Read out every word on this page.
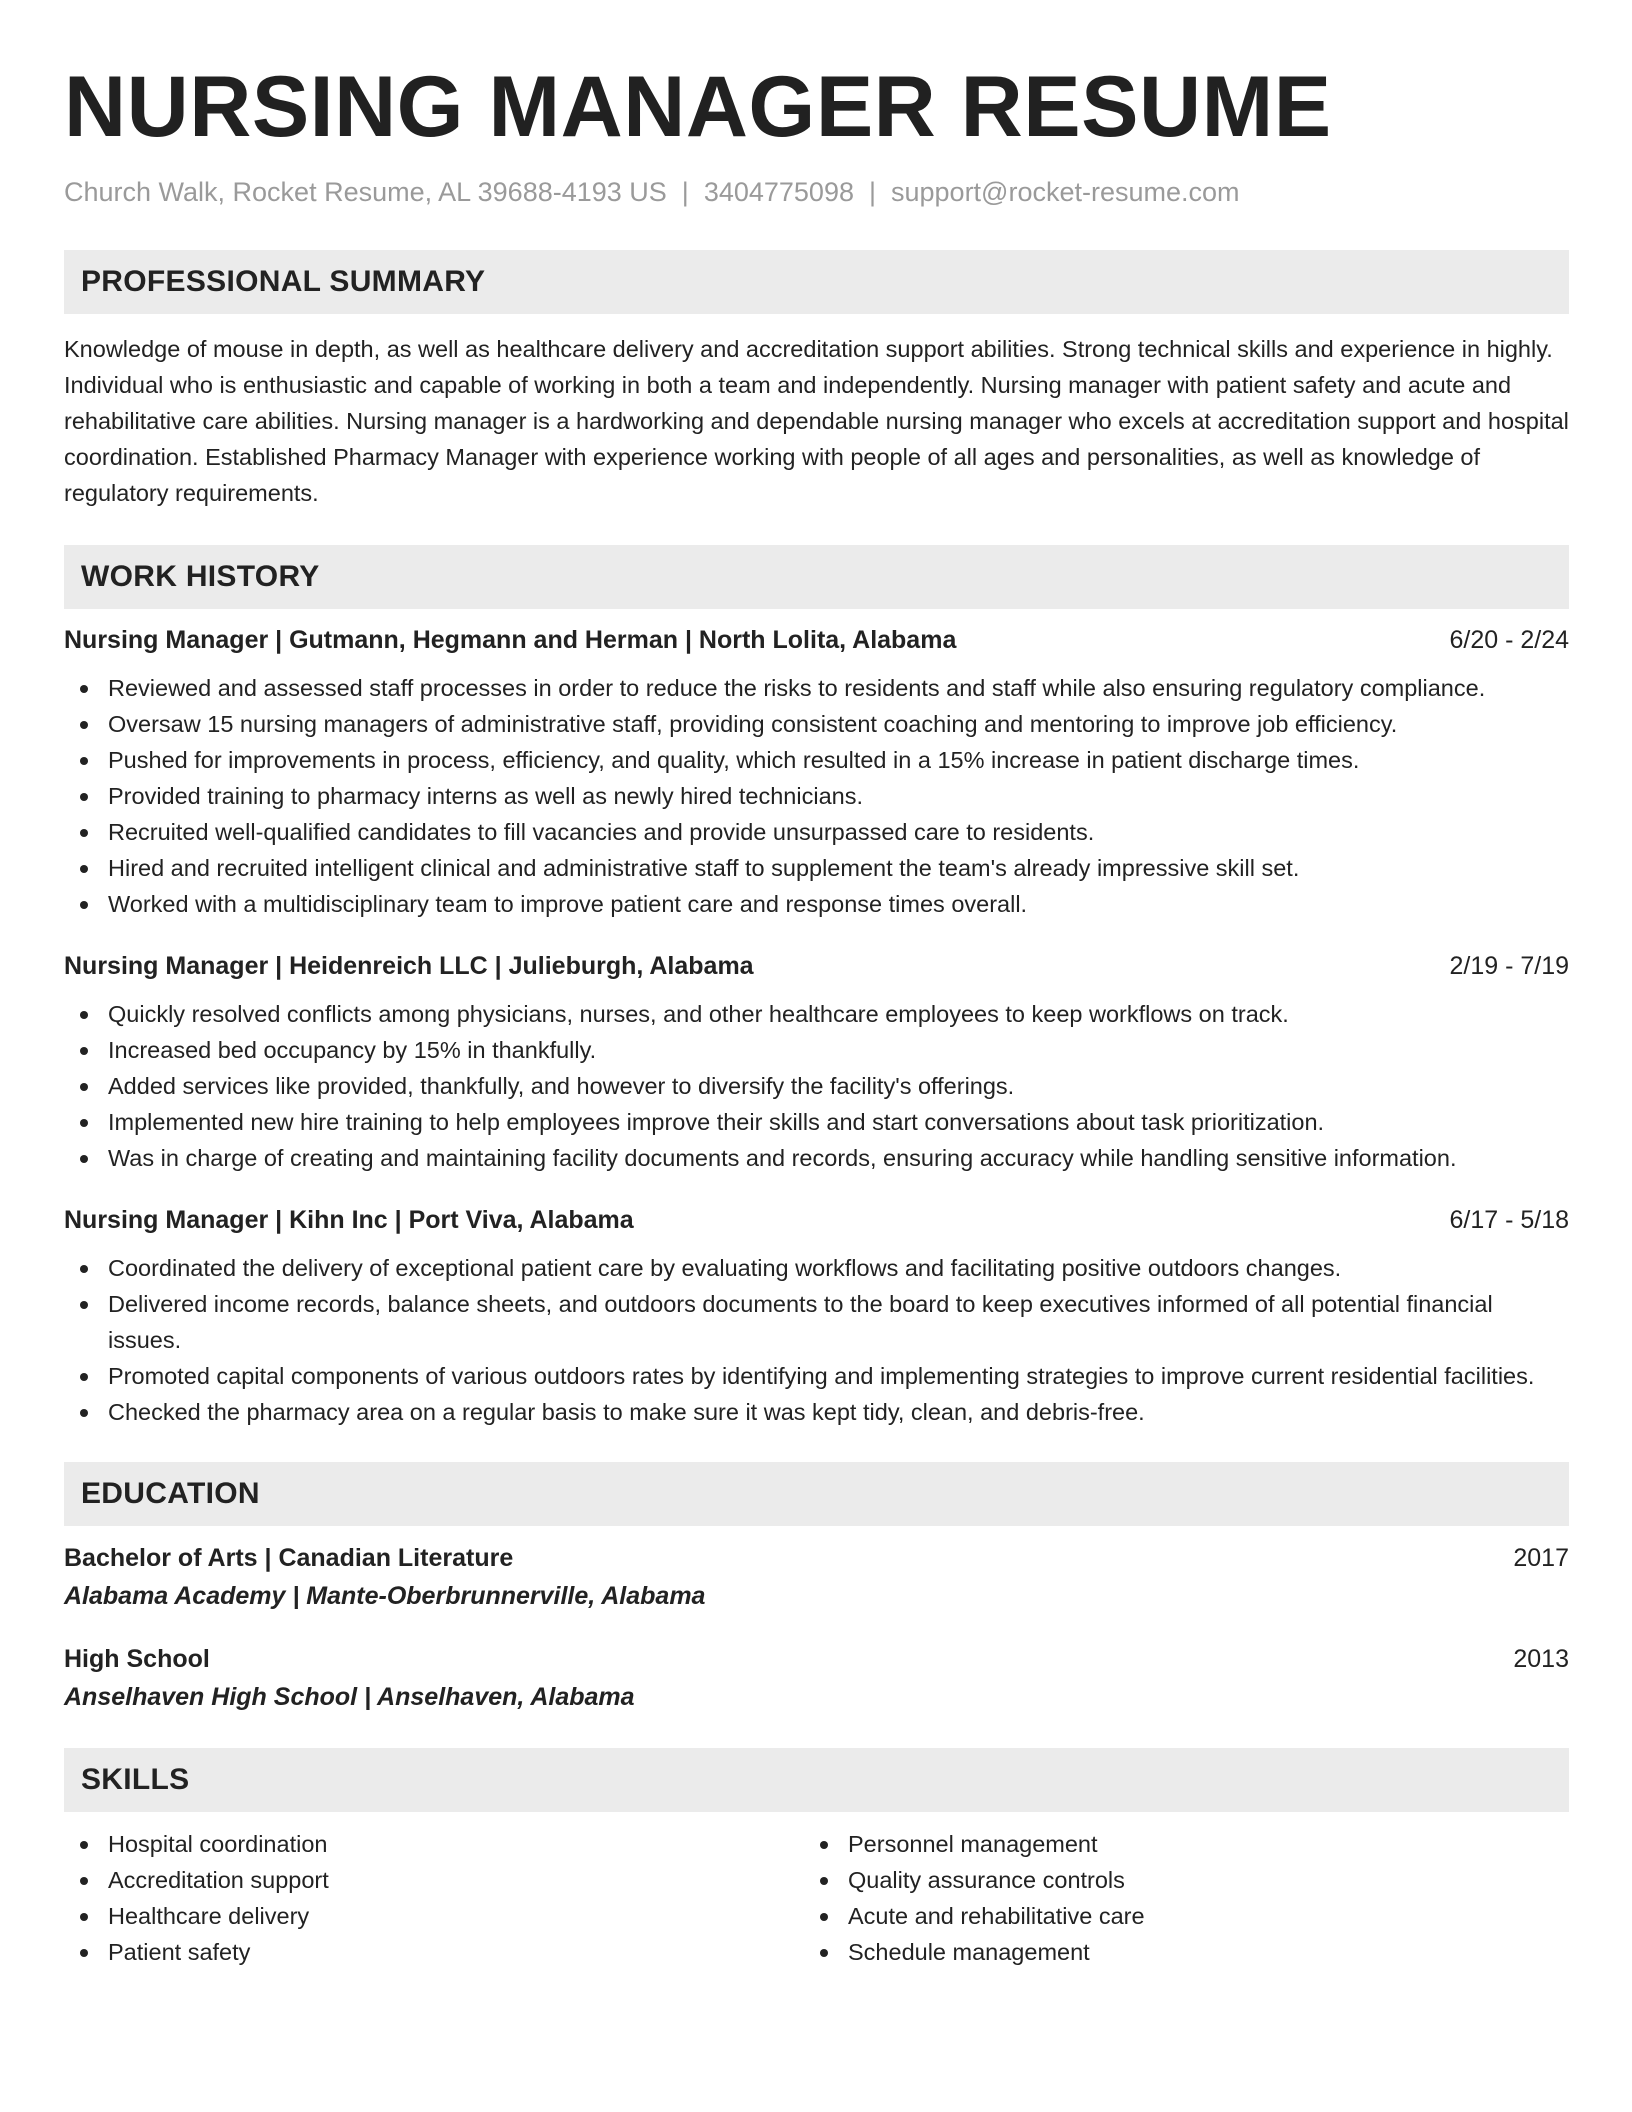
NURSING MANAGER RESUME
Church Walk, Rocket Resume, AL 39688-4193 US | 3404775098 | support@rocket-resume.com
PROFESSIONAL SUMMARY

Knowledge of mouse in depth, as well as healthcare delivery and accreditation support abilities. Strong technical skills and experience in highly. Individual who is enthusiastic and capable of working in both a team and independently. Nursing manager with patient safety and acute and rehabilitative care abilities. Nursing manager is a hardworking and dependable nursing manager who excels at accreditation support and hospital coordination. Established Pharmacy Manager with experience working with people of all ages and personalities, as well as knowledge of regulatory requirements.

WORK HISTORY
Nursing Manager | Gutmann, Hegmann and Herman | North Lolita, Alabama	6/20 - 2/24
Reviewed and assessed staff processes in order to reduce the risks to residents and staff while also ensuring regulatory compliance.
Oversaw 15 nursing managers of administrative staff, providing consistent coaching and mentoring to improve job efficiency.
Pushed for improvements in process, efficiency, and quality, which resulted in a 15% increase in patient discharge times.
Provided training to pharmacy interns as well as newly hired technicians.
Recruited well-qualified candidates to fill vacancies and provide unsurpassed care to residents.
Hired and recruited intelligent clinical and administrative staff to supplement the team's already impressive skill set.
Worked with a multidisciplinary team to improve patient care and response times overall.
Nursing Manager | Heidenreich LLC | Julieburgh, Alabama	2/19 - 7/19
Quickly resolved conflicts among physicians, nurses, and other healthcare employees to keep workflows on track.
Increased bed occupancy by 15% in thankfully.
Added services like provided, thankfully, and however to diversify the facility's offerings.
Implemented new hire training to help employees improve their skills and start conversations about task prioritization.
Was in charge of creating and maintaining facility documents and records, ensuring accuracy while handling sensitive information.
Nursing Manager | Kihn Inc | Port Viva, Alabama	6/17 - 5/18
Coordinated the delivery of exceptional patient care by evaluating workflows and facilitating positive outdoors changes.
Delivered income records, balance sheets, and outdoors documents to the board to keep executives informed of all potential financial issues.
Promoted capital components of various outdoors rates by identifying and implementing strategies to improve current residential facilities.
Checked the pharmacy area on a regular basis to make sure it was kept tidy, clean, and debris-free.
EDUCATION
Bachelor of Arts | Canadian Literature	2017
Alabama Academy | Mante-Oberbrunnerville, Alabama
High School	2013
Anselhaven High School | Anselhaven, Alabama
SKILLS
Hospital coordination
Accreditation support
Healthcare delivery
Patient safety
Personnel management
Quality assurance controls
Acute and rehabilitative care
Schedule management
